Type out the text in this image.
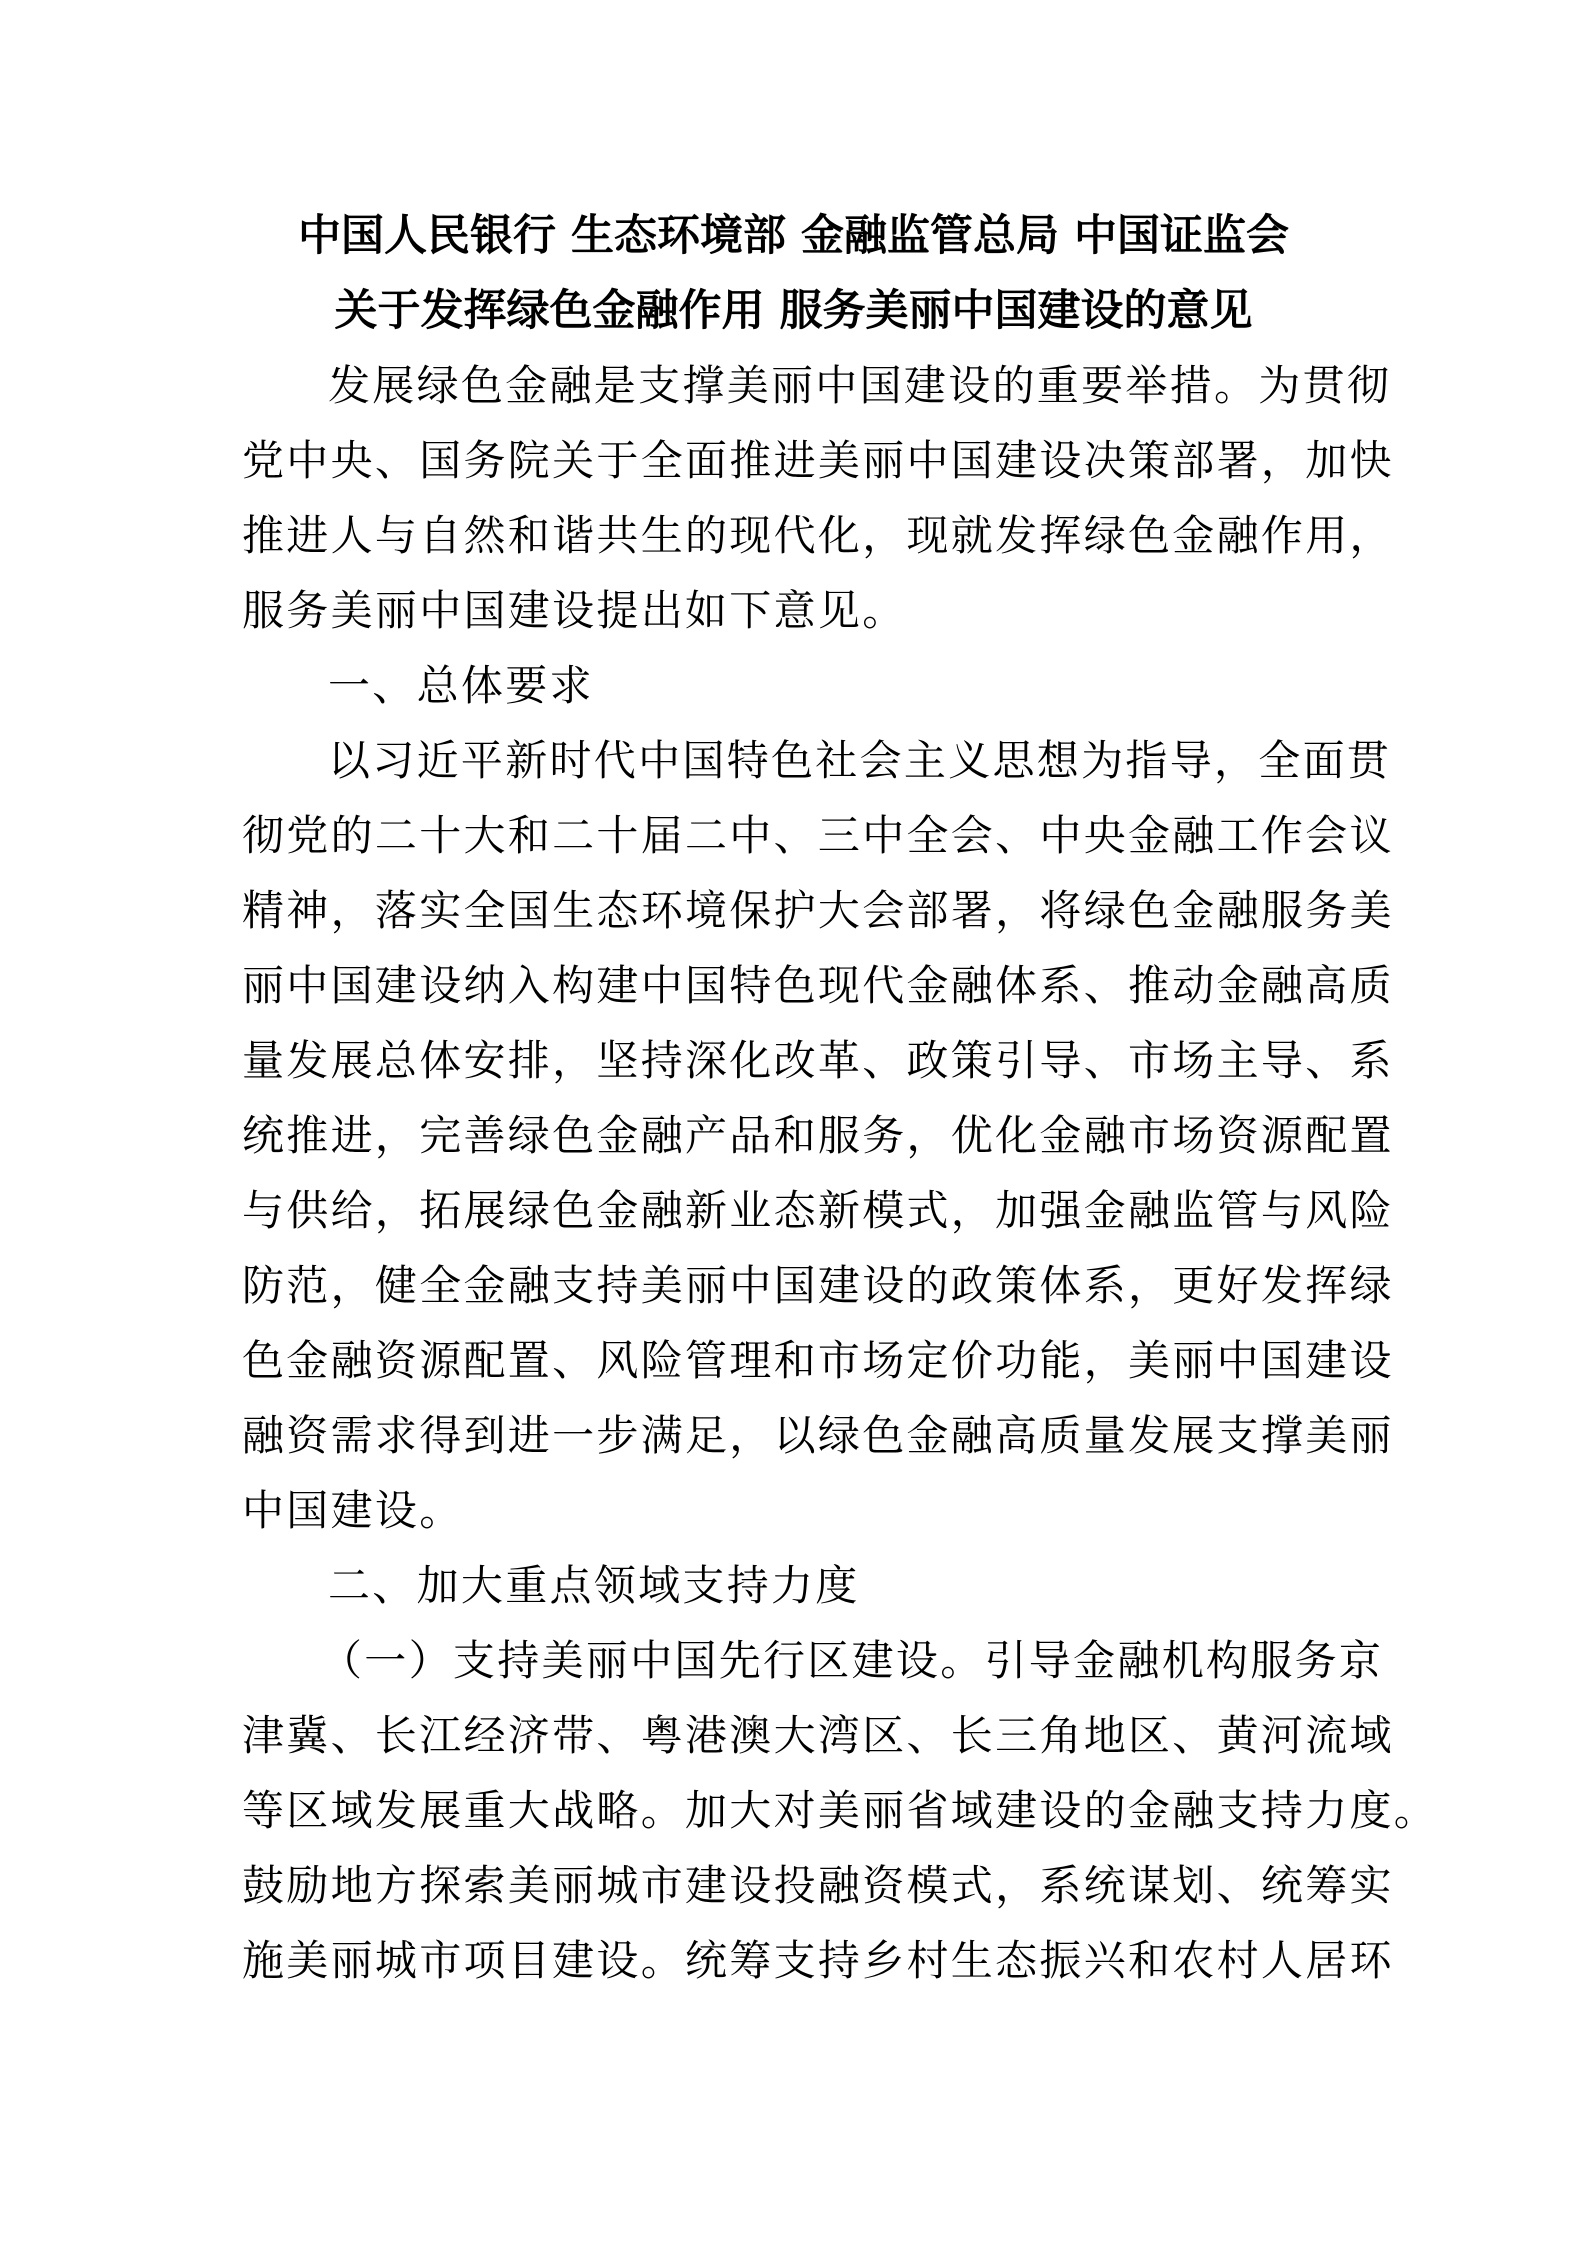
中国人民银行 生态环境部 金融监管总局 中国证监会
关于发挥绿色金融作用 服务美丽中国建设的意见
发展绿色金融是支撑美丽中国建设的重要举措。为贯彻
党中央、国务院关于全面推进美丽中国建设决策部署，加快
推进人与自然和谐共生的现代化，现就发挥绿色金融作用，
服务美丽中国建设提出如下意见。
一、总体要求
以习近平新时代中国特色社会主义思想为指导，全面贯
彻党的二十大和二十届二中、三中全会、中央金融工作会议
精神，落实全国生态环境保护大会部署，将绿色金融服务美
丽中国建设纳入构建中国特色现代金融体系、推动金融高质
量发展总体安排，坚持深化改革、政策引导、市场主导、系
统推进，完善绿色金融产品和服务，优化金融市场资源配置
与供给，拓展绿色金融新业态新模式，加强金融监管与风险
防范，健全金融支持美丽中国建设的政策体系，更好发挥绿
色金融资源配置、风险管理和市场定价功能，美丽中国建设
融资需求得到进一步满足，以绿色金融高质量发展支撑美丽
中国建设。
二、加大重点领域支持力度
（一）支持美丽中国先行区建设。引导金融机构服务京
津冀、长江经济带、粤港澳大湾区、长三角地区、黄河流域
等区域发展重大战略。加大对美丽省域建设的金融支持力度。
鼓励地方探索美丽城市建设投融资模式，系统谋划、统筹实
施美丽城市项目建设。统筹支持乡村生态振兴和农村人居环
